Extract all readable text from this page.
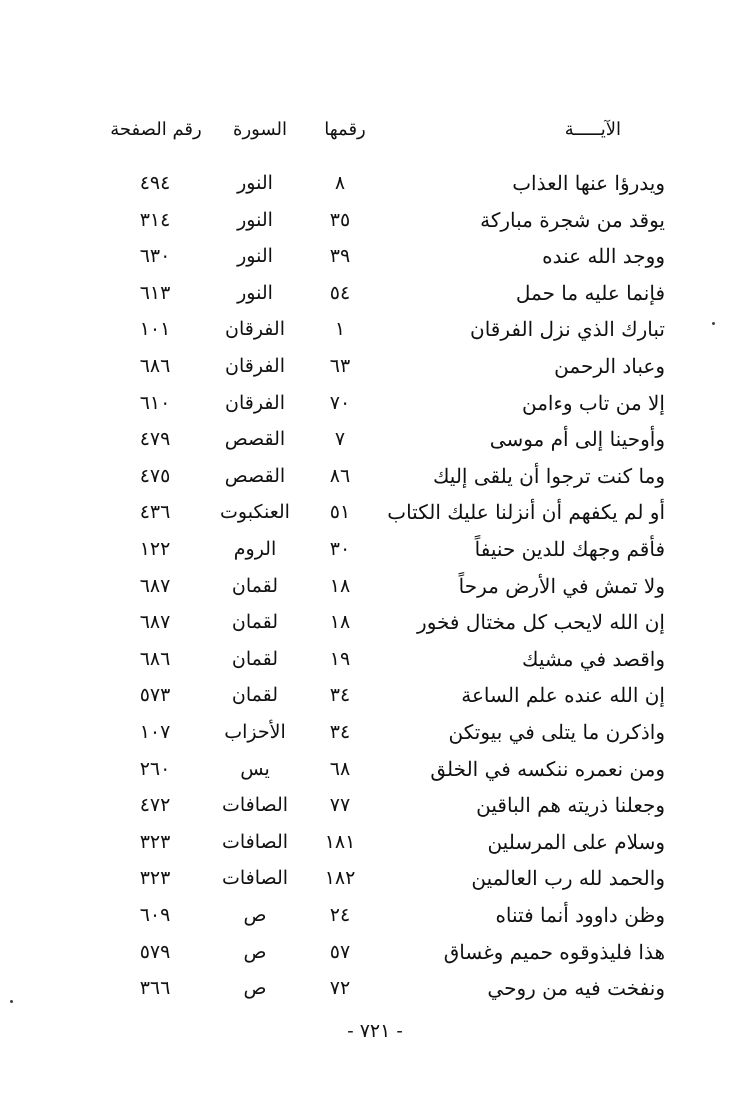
الآيـــــة
رقمها
السورة
رقم الصفحة
ويدرؤا عنها العذاب
٨
النور
٤٩٤
يوقد من شجرة مباركة
٣٥
النور
٣١٤
ووجد الله عنده
٣٩
النور
٦٣٠
فإنما عليه ما حمل
٥٤
النور
٦١٣
تبارك الذي نزل الفرقان
١
الفرقان
١٠١
وعباد الرحمن
٦٣
الفرقان
٦٨٦
إلا من تاب وءامن
٧٠
الفرقان
٦١٠
وأوحينا إلى أم موسى
٧
القصص
٤٧٩
وما كنت ترجوا أن يلقى إليك
٨٦
القصص
٤٧٥
أو لم يكفهم أن أنزلنا عليك الكتاب
٥١
العنكبوت
٤٣٦
فأقم وجهك للدين حنيفاً
٣٠
الروم
١٢٢
ولا تمش في الأرض مرحاً
١٨
لقمان
٦٨٧
إن الله لايحب كل مختال فخور
١٨
لقمان
٦٨٧
واقصد في مشيك
١٩
لقمان
٦٨٦
إن الله عنده علم الساعة
٣٤
لقمان
٥٧٣
واذكرن ما يتلى في بيوتكن
٣٤
الأحزاب
١٠٧
ومن نعمره ننكسه في الخلق
٦٨
يس
٢٦٠
وجعلنا ذريته هم الباقين
٧٧
الصافات
٤٧٢
وسلام على المرسلين
١٨١
الصافات
٣٢٣
والحمد لله رب العالمين
١٨٢
الصافات
٣٢٣
وظن داوود أنما فتناه
٢٤
ص
٦٠٩
هذا فليذوقوه حميم وغساق
٥٧
ص
٥٧٩
ونفخت فيه من روحي
٧٢
ص
٣٦٦
- ٧٢١ -
